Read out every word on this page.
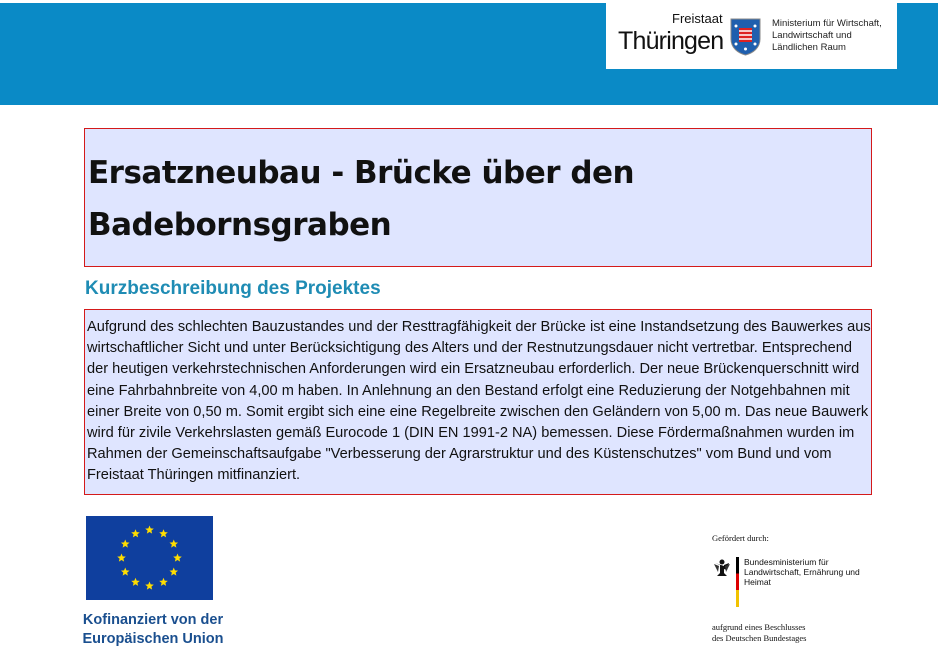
Freistaat
Thüringen
Ministerium für Wirtschaft, Landwirtschaft und Ländlichen Raum
Ersatzneubau - Brücke über den Badebornsgraben
Kurzbeschreibung des Projektes
Aufgrund des schlechten Bauzustandes und der Resttragfähigkeit der Brücke ist eine Instandsetzung des Bauwerkes aus wirtschaftlicher Sicht und unter Berücksichtigung des Alters und der Restnutzungsdauer nicht vertretbar. Entsprechend der heutigen verkehrstechnischen Anforderungen wird ein Ersatzneubau erforderlich. Der neue Brückenquerschnitt wird eine Fahrbahnbreite von 4,00 m haben. In Anlehnung an den Bestand erfolgt eine Reduzierung der Notgehbahnen mit einer Breite von 0,50 m. Somit ergibt sich eine eine Regelbreite zwischen den Geländern von 5,00 m. Das neue Bauwerk wird für zivile Verkehrslasten gemäß Eurocode 1 (DIN EN 1991-2 NA) bemessen. Diese Fördermaßnahmen wurden im Rahmen der Gemeinschaftsaufgabe "Verbesserung der Agrarstruktur und des Küstenschutzes" vom Bund und vom Freistaat Thüringen mitfinanziert.
Kofinanziert von der
Europäischen Union
Gefördert durch:
Bundesministerium für Landwirtschaft, Ernährung und Heimat
aufgrund eines Beschlusses
des Deutschen Bundestages
